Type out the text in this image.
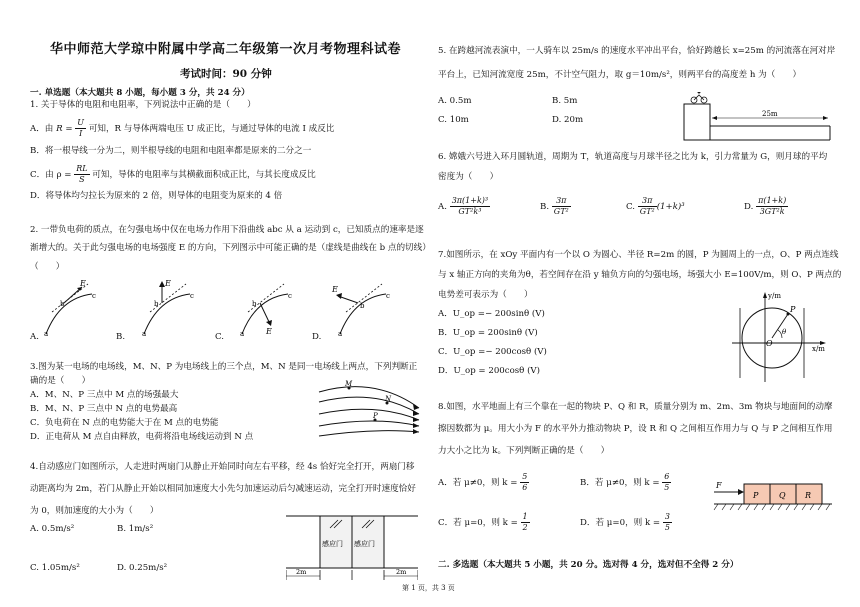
华中师范大学琼中附属中学高二年级第一次月考物理科试卷
考试时间：90 分钟
一. 单选题（本大题共 8 小题，每小题 3 分，共 24 分）
1. 关于导体的电阻和电阻率，下列说法中正确的是（　　）
A．由 $R = \frac{U}{I}$ 可知，R 与导体两端电压 U 成正比，与通过导体的电流 I 成反比
B．将一根导线一分为二，则半根导线的电阻和电阻率都是原来的二分之一
C．由 $\rho = \frac{RL}{S}$ 可知，导体的电阻率与其横截面积成正比，与其长度成反比
D．将导体均匀拉长为原来的 2 倍，则导体的电阻变为原来的 4 倍
2. 一带负电荷的质点，在匀强电场中仅在电场力作用下沿曲线 abc 从 a 运动到 c，已知质点的速率是逐
渐增大的。关于此匀强电场的电场强度 E 的方向，下列图示中可能正确的是（虚线是曲线在 b 点的切线）
（　　）
E
a
b
c
E
a
b
c
E
a
b
c
E
a
b
c
A.	B.	C.	D.
3.图为某一电场的电场线，M、N、P 为电场线上的三个点，M、N 是同一电场线上两点，下列判断正
确的是（　　）
A．M、N、P 三点中 M 点的场强最大
B．M、N、P 三点中 N 点的电势最高
C．负电荷在 N 点的电势能大于在 M 点的电势能
D．正电荷从 M 点自由释放，电荷将沿电场线运动到 N 点
M
N
P
4.自动感应门如图所示，人走进时两扇门从静止开始同时向左右平移，经 4s 恰好完全打开，两扇门移
动距离均为 2m，若门从静止开始以相同加速度大小先匀加速运动后匀减速运动，完全打开时速度恰好
为 0，则加速度的大小为（　　）
A. 0.5m/s²	B. 1m/s²
C. 1.05m/s²	D. 0.25m/s²
感应门 感应门
2m	2m
5. 在跨越河流表演中，一人骑车以 25m/s 的速度水平冲出平台，恰好跨越长 x=25m 的河流落在河对岸
平台上，已知河流宽度 25m，不计空气阻力，取 g＝10m/s²，则两平台的高度差 h 为（　　）
A. 0.5m	B. 5m
C. 10m	D. 20m
25m
6. 嫦娥六号进入环月圆轨道，周期为 T，轨道高度与月球半径之比为 k，引力常量为 G，则月球的平均
密度为（　　）
A. $\frac{\text{3π(1+k)³}}{\text{GT²k³}}$	B. $\frac{3\pi}{\text{GT²}}$	C. $\frac{3\pi}{\text{GT²}} (1+k)^3$	D. $\frac{\pi(1+k)}{\text{3GT²k}}$
7.如图所示，在 xOy 平面内有一个以 O 为圆心、半径 R=2m 的圆，P 为圆周上的一点，O、P 两点连线
与 x 轴正方向的夹角为θ，若空间存在沿 y 轴负方向的匀强电场，场强大小 E=100V/m，则 O、P 两点的
电势差可表示为（　　）
A．U_op =− 200sinθ (V)
B．U_op = 200sinθ (V)
C．U_op =− 200cosθ (V)
D．U_op = 200cosθ (V)
y/m
x/m
O
P
θ
8.如图，水平地面上有三个靠在一起的物块 P、Q 和 R，质量分别为 m、2m、3m 物块与地面间的动摩
擦因数都为 μ。用大小为 F 的水平外力推动物块 P，设 R 和 Q 之间相互作用力与 Q 与 P 之间相互作用
力大小之比为 k。下列判断正确的是（　　）
A．若 μ≠0，则 $k = \frac{5}{6}$	B．若 μ≠0，则 $k = \frac{6}{5}$
C．若 μ=0，则 $k = \frac{1}{2}$	D．若 μ=0，则 $k = \frac{3}{5}$
F
P	Q R
二. 多选题（本大题共 5 小题，共 20 分。选对得 4 分，选对但不全得 2 分）
第 1 页，共 3 页
